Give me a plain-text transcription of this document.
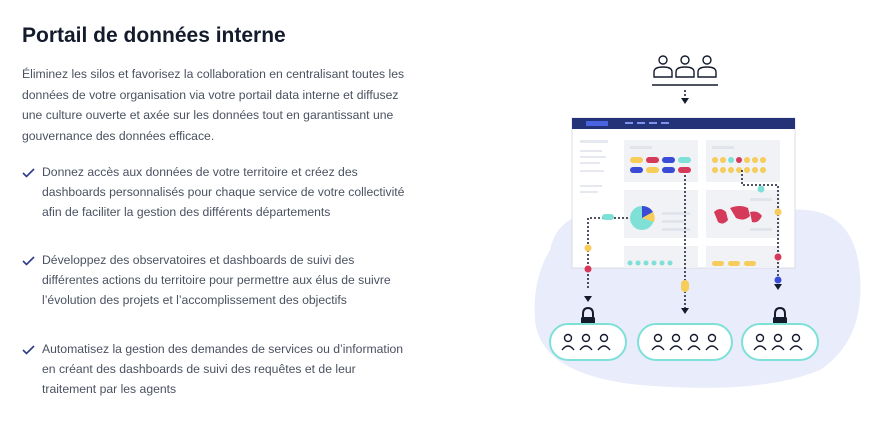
Portail de données interne

Éliminez les silos et favorisez la collaboration en centralisant toutes les données de votre organisation via votre portail data interne et diffusez une culture ouverte et axée sur les données tout en garantissant une gouvernance des données efficace.

Donnez accès aux données de votre territoire et créez des dashboards personnalisés pour chaque service de votre collectivité afin de faciliter la gestion des différents départements
Développez des observatoires et dashboards de suivi des différentes actions du territoire pour permettre aux élus de suivre l’évolution des projets et l’accomplissement des objectifs
Automatisez la gestion des demandes de services ou d’information en créant des dashboards de suivi des requêtes et de leur traitement par les agents
